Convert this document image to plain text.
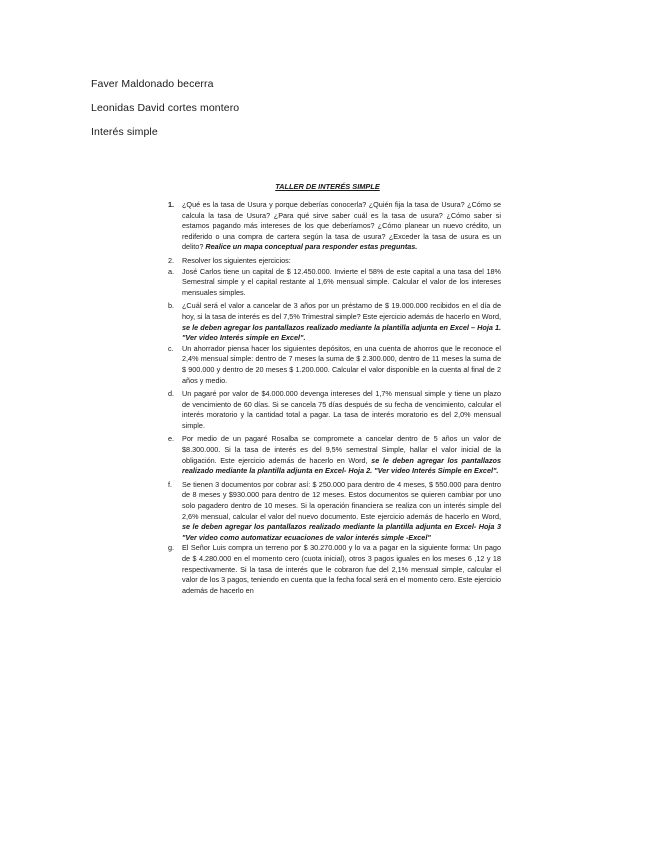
Faver Maldonado becerra
Leonidas David cortes montero
Interés simple
TALLER DE INTERÉS SIMPLE
1.	¿Qué es la tasa de Usura y porque deberías conocerla? ¿Quién fija la tasa de Usura? ¿Cómo se calcula la tasa de Usura? ¿Para qué sirve saber cuál es la tasa de usura? ¿Cómo saber si estamos pagando más intereses de los que deberíamos? ¿Cómo planear un nuevo crédito, un rediferido o una compra de cartera según la tasa de usura? ¿Exceder la tasa de usura es un delito? Realice un mapa conceptual para responder estas preguntas.
2.	Resolver los siguientes ejercicios:
a.	José Carlos tiene un capital de $ 12.450.000. Invierte el 58% de este capital a una tasa del 18% Semestral simple y el capital restante al 1,6% mensual simple. Calcular el valor de los intereses mensuales simples.
b.	¿Cuál será el valor a cancelar de 3 años por un préstamo de $ 19.000.000 recibidos en el día de hoy, si la tasa de interés es del 7,5% Trimestral simple? Este ejercicio además de hacerlo en Word, se le deben agregar los pantallazos realizado mediante la plantilla adjunta en Excel – Hoja 1. "Ver video Interés simple en Excel".
c.	Un ahorrador piensa hacer los siguientes depósitos, en una cuenta de ahorros que le reconoce el 2,4% mensual simple: dentro de 7 meses la suma de $ 2.300.000, dentro de 11 meses la suma de $ 900.000 y dentro de 20 meses $ 1.200.000. Calcular el valor disponible en la cuenta al final de 2 años y medio.
d.	Un pagaré por valor de $4.000.000 devenga intereses del 1,7% mensual simple y tiene un plazo de vencimiento de 60 días. Si se cancela 75 días después de su fecha de vencimiento, calcular el interés moratorio y la cantidad total a pagar. La tasa de interés moratorio es del 2,0% mensual simple.
e.	Por medio de un pagaré Rosalba se compromete a cancelar dentro de 5 años un valor de $8.300.000. Si la tasa de interés es del 9,5% semestral Simple, hallar el valor inicial de la obligación. Este ejercicio además de hacerlo en Word, se le deben agregar los pantallazos realizado mediante la plantilla adjunta en Excel- Hoja 2. "Ver video Interés Simple en Excel".
f.	Se tienen 3 documentos por cobrar así: $ 250.000 para dentro de 4 meses, $ 550.000 para dentro de 8 meses y $930.000 para dentro de 12 meses. Estos documentos se quieren cambiar por uno solo pagadero dentro de 10 meses. Si la operación financiera se realiza con un interés simple del 2,6% mensual, calcular el valor del nuevo documento. Este ejercicio además de hacerlo en Word, se le deben agregar los pantallazos realizado mediante la plantilla adjunta en Excel- Hoja 3 "Ver video como automatizar ecuaciones de valor interés simple -Excel"
g.	El Señor Luis compra un terreno por $ 30.270.000 y lo va a pagar en la siguiente forma: Un pago de $ 4.280.000 en el momento cero (cuota inicial), otros 3 pagos iguales en los meses 6 ,12 y 18 respectivamente. Si la tasa de interés que le cobraron fue del 2,1% mensual simple, calcular el valor de los 3 pagos, teniendo en cuenta que la fecha focal será en el momento cero. Este ejercicio además de hacerlo en
